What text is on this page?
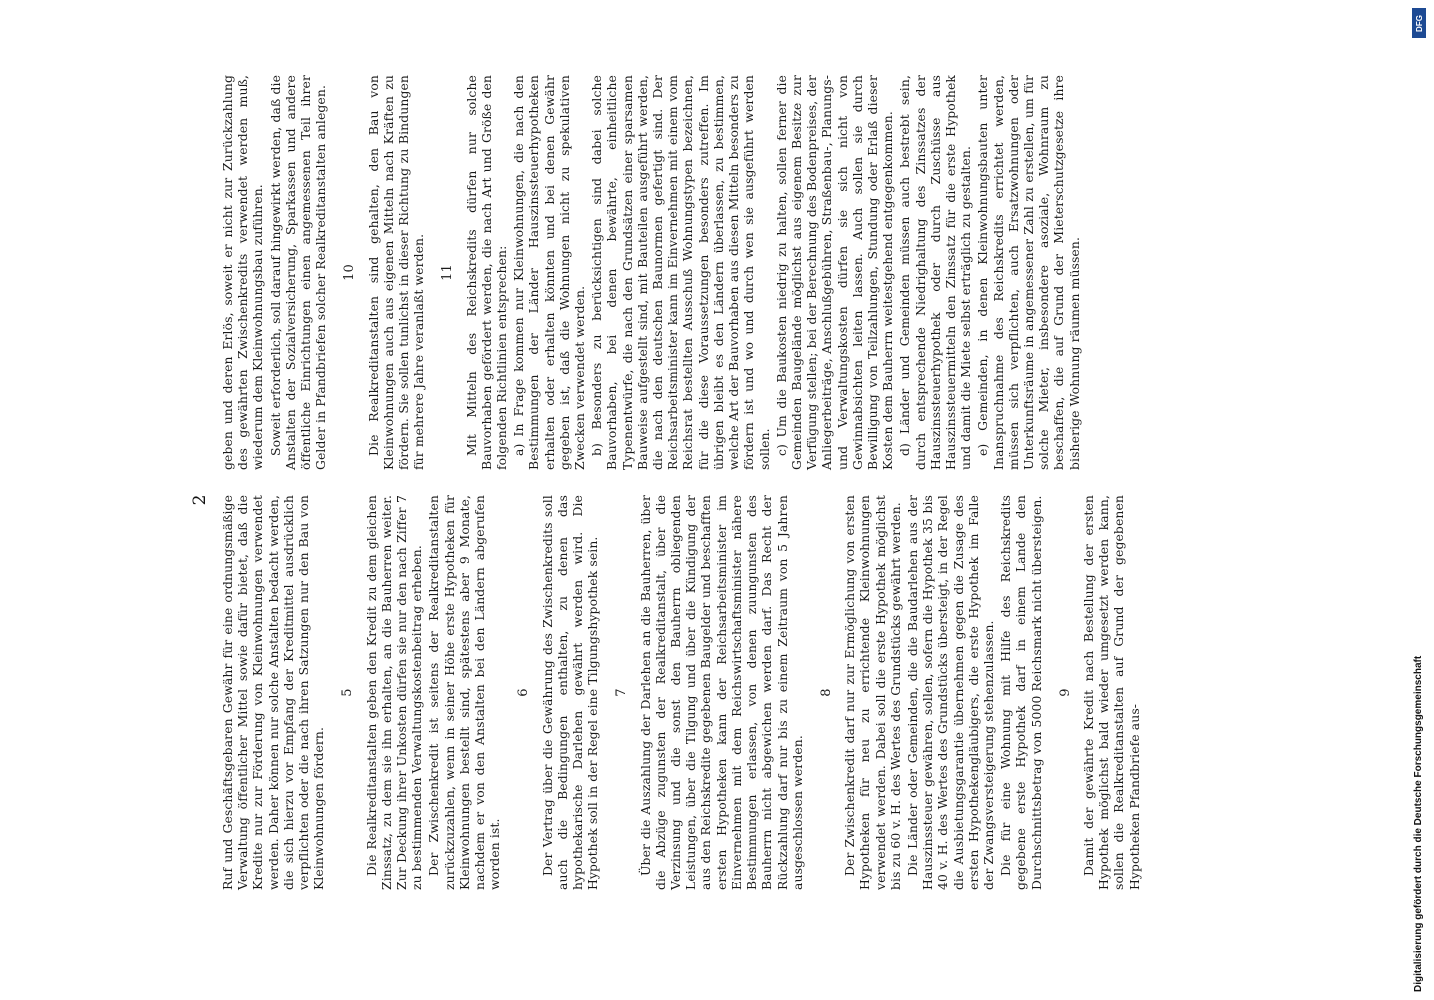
2 Ruf und Geschäftsgebaren Gewähr für eine ordnungsmäßige Verwaltung öffentlicher Mittel sowie dafür bietet, daß die Kredite nur zur Förderung von Kleinwohnungen verwendet werden. Daher können nur solche Anstalten bedacht werden, die sich hierzu vor Empfang der Kreditmittel ausdrücklich verpflichten oder die nach ihren Satzungen nur den Bau von Kleinwohnungen fördern.

5 Die Realkreditanstalten geben den Kredit zu dem gleichen Zinssatz, zu dem sie ihn erhalten, an die Bauherren weiter. Zur Deckung ihrer Unkosten dürfen sie nur den nach Ziffer 7 zu bestimmenden Verwaltungskostenbeitrag erheben. Der Zwischenkredit ist seitens der Realkreditanstalten zurückzuzahlen, wenn in seiner Höhe erste Hypotheken für Kleinwohnungen bestellt sind, spätestens aber 9 Monate, nachdem er von den Anstalten bei den Ländern abgerufen worden ist.

6 Der Vertrag über die Gewährung des Zwischenkredits soll auch die Bedingungen enthalten, zu denen das hypothekarische Darlehen gewährt werden wird. Die Hypothek soll in der Regel eine Tilgungshypothek sein. 7 Über die Auszahlung der Darlehen an die Bauherren, über die Abzüge zugunsten der Realkreditanstalt, über die Verzinsung und die sonst den Bauherrn obliegenden Leistungen, über die Tilgung und über die Kündigung der aus den Reichskredite gegebenen Baugelder und beschafften ersten Hypotheken kann der Reichsarbeitsminister im Einvernehmen mit dem Reichswirtschaftsminister nähere Bestimmungen erlassen, von denen zuungunsten des Bauherrn nicht abgewichen werden darf. Das Recht der Rückzahlung darf nur bis zu einem Zeitraum von 5 Jahren ausgeschlossen werden.

8 Der Zwischenkredit darf nur zur Ermöglichung von ersten Hypotheken für neu zu errichtende Kleinwohnungen verwendet werden. Dabei soll die erste Hypothek möglichst bis zu 60 v. H. des Wertes des Grundstücks gewährt werden. Die Länder oder Gemeinden, die die Baudarlehen aus der Hauszinssteuer gewähren, sollen, sofern die Hypothek 35 bis 40 v. H. des Wertes des Grundstücks übersteigt, in der Regel die Ausbietungsgarantie übernehmen gegen die Zusage des ersten Hypothekengläubigers, die erste Hypothek im Falle der Zwangsversteigerung stehenzulassen. Die für eine Wohnung mit Hilfe des Reichskredits gegebene erste Hypothek darf in einem Lande den Durchschnittsbetrag von 5000 Reichsmark nicht übersteigen. 9 Damit der gewährte Kredit nach Bestellung der ersten Hypothek möglichst bald wieder umgesetzt werden kann, sollen die Realkreditanstalten auf Grund der gegebenen Hypotheken Pfandbriefe aus-

geben und deren Erlös, soweit er nicht zur Zurückzahlung des gewährten Zwischenkredits verwendet werden muß, wiederum dem Kleinwohnungsbau zuführen. Soweit erforderlich, soll darauf hingewirkt werden, daß die Anstalten der Sozialversicherung, Sparkassen und andere öffentliche Einrichtungen einen angemessenen Teil ihrer Gelder in Pfandbriefen solcher Realkreditanstalten anlegen. 10 Die Realkreditanstalten sind gehalten, den Bau von Kleinwohnungen auch aus eigenen Mitteln nach Kräften zu fördern. Sie sollen tunlichst in dieser Richtung zu Bindungen für mehrere Jahre veranlaßt werden. 11 Mit Mitteln des Reichskredits dürfen nur solche Bauvorhaben gefördert werden, die nach Art und Größe den folgenden Richtlinien entsprechen: a) In Frage kommen nur Kleinwohnungen, die nach den Bestimmungen der Länder Hauszinssteuerhypotheken erhalten oder erhalten könnten und bei denen Gewähr gegeben ist, daß die Wohnungen nicht zu spekulativen Zwecken verwendet werden. b) Besonders zu berücksichtigen sind dabei solche Bauvorhaben, bei denen bewährte, einheitliche Typenentwürfe, die nach den Grundsätzen einer sparsamen Bauweise aufgestellt sind, mit Bauteilen ausgeführt werden, die nach den deutschen Baunormen gefertigt sind. Der Reichsarbeitsminister kann im Einvernehmen mit einem vom Reichsrat bestellten Ausschuß Wohnungstypen bezeichnen, für die diese Voraussetzungen besonders zutreffen. Im übrigen bleibt es den Ländern überlassen, zu bestimmen, welche Art der Bauvorhaben aus diesen Mitteln besonders zu fördern ist und wo und durch wen sie ausgeführt werden sollen. c) Um die Baukosten niedrig zu halten, sollen ferner die Gemeinden Baugelände möglichst aus eigenem Besitze zur Verfügung stellen; bei der Berechnung des Bodenpreises, der Anliegerbeiträge, Anschlußgebühren, Straßenbau-, Planungs- und Verwaltungskosten dürfen sie sich nicht von Gewinnabsichten leiten lassen. Auch sollen sie durch Bewilligung von Teilzahlungen, Stundung oder Erlaß dieser Kosten dem Bauherrn weitestgehend entgegenkommen. d) Länder und Gemeinden müssen auch bestrebt sein, durch entsprechende Niedrighaltung des Zinssatzes der Hauszinssteuerhypothek oder durch Zuschüsse aus Hauszinssteuermitteln den Zinssatz für die erste Hypothek und damit die Miete selbst erträglich zu gestalten. e) Gemeinden, in denen Kleinwohnungsbauten unter Inanspruchnahme des Reichskredits errichtet werden, müssen sich verpflichten, auch Ersatzwohnungen oder Unterkunftsräume in angemessener Zahl zu erstellen, um für solche Mieter, insbesondere asoziale, Wohnraum zu beschaffen, die auf Grund der Mieterschutzgesetze ihre bisherige Wohnung räumen müssen.

Digitalisierung gefördert durch die Deutsche Forschungsgemeinschaft
DFG
